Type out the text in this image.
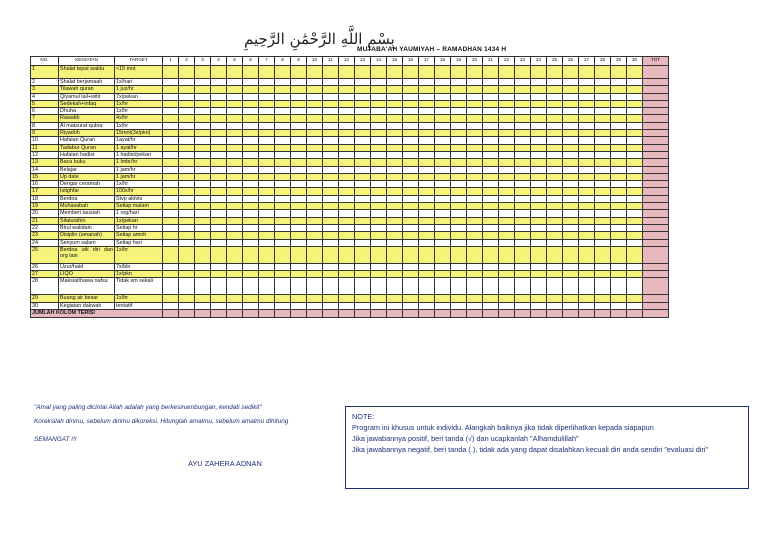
بِسْمِ اللَّهِ الرَّحْمَٰنِ الرَّحِيمِ
MUTABA'AH YAUMIYAH – RAMADHAN 1434 H
NO.	KEGIATAN	TARGET	1	2	3	4	5	6	7	8	9	10	11	12	13	14	15	16	17	18	19	20	21	22	23	24	25	26	27	28	29	30	TOT
1	Shalat tepat waktu	<15 mnt																															
2	Shalat berjamaah	1x/hari																															
3	Tilawah quran	1 juz/hr																															
4	Qiyamul lail+witir	7x/pekan																															
5	Sedekah+infaq	1x/hr																															
6	Dhuha	1x/hr																															
7	Rawatib	4x/hr																															
8	Al matsurat qubra	1x/hr																															
9	Riyadoh	15mnt(3x/pkn)																															
10	Hafalan Quran	1ayat/hr																															
11	Tadabur Quran	1 ayat/hr																															
12	Hafalan hadist	1 hadist/pekan																															
13	Baca buku	1 lmbr/hr																															
14	Belajar	1 jam/hr																															
15	Up date	1 jam/hr																															
16	Dengar ceramah	1x/hr																															
17	Istighfar	100x/hr																															
18	Berdoa	Stvp aktvts																															
19	Muhasabah	Setiap malam																															
20	Memberi tausiah	1 org/hari																															
21	Silaturahin	1x/pekan																															
22	Birul walidain	Setiap hr																															
23	Disiplin (amanah)	Setiap amnh																															
24	Senyum salam	Setiap hari																															
25	Berdoa utk diri dan org lain	1x/hr																															
26	Uzur/haid	7x/bln																															
27	LIQO	1x/pkn																															
28	Maksiat/hawa nafsu	Tidak sm sekali																															
29	Buang air besar	1x/hr																															
30	Kegiatan dakwah	tentatif																															
JUMLAH KOLOM TERISI																																	
"Amal yang paling dicintai Allah adalah yang berkesinambungan, kendati sedikit"
Koreksilah dirimu, sebelum dirimu dikoreksi. Hitunglah amalmu, sebelum amalmu dihitung
SEMANGAT !!!
AYU ZAHERA ADNAN

NOTE:

Program ini khusus untuk individu. Alangkah baiknya jika tidak diperlihatkan kepada siapapun

Jika jawabannya positif, beri tanda (√) dan ucapkanlah "Alhamdulillah"

Jika jawabannya negatif, beri tanda (.), tidak ada yang dapat disalahkan kecuali diri anda sendiri "evaluasi diri"
